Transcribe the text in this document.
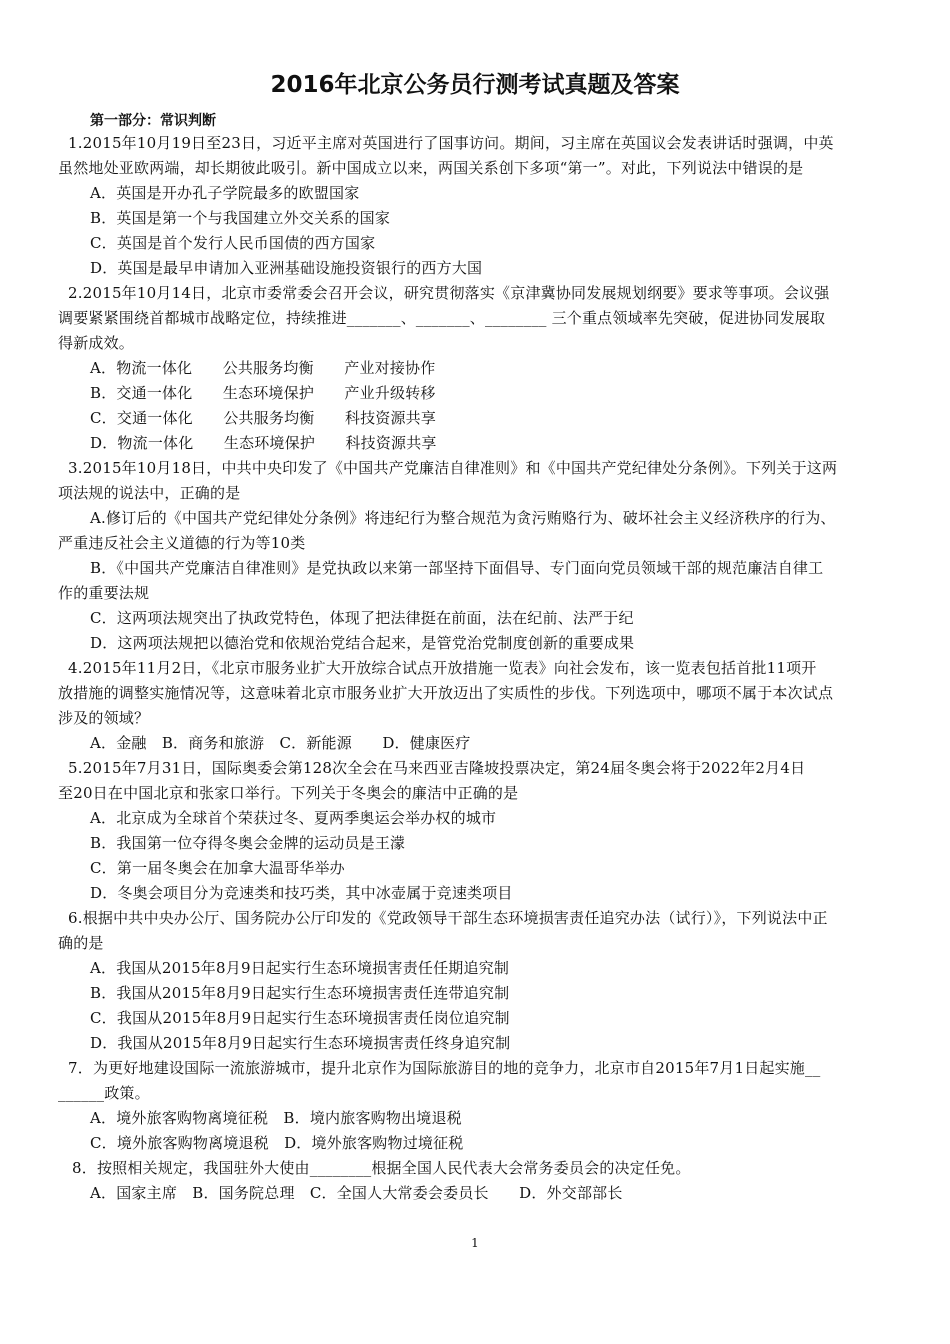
2016年北京公务员行测考试真题及答案
第一部分：常识判断
1.2015年10月19日至23日，习近平主席对英国进行了国事访问。期间，习主席在英国议会发表讲话时强调，中英
虽然地处亚欧两端，却长期彼此吸引。新中国成立以来，两国关系创下多项“第一”。对此，下列说法中错误的是
A．英国是开办孔子学院最多的欧盟国家
B．英国是第一个与我国建立外交关系的国家
C．英国是首个发行人民币国债的西方国家
D．英国是最早申请加入亚洲基础设施投资银行的西方大国
2.2015年10月14日，北京市委常委会召开会议，研究贯彻落实《京津冀协同发展规划纲要》要求等事项。会议强
调要紧紧围绕首都城市战略定位，持续推进_______、_______、________ 三个重点领域率先突破，促进协同发展取
得新成效。
A．物流一体化　　公共服务均衡　　产业对接协作
B．交通一体化　　生态环境保护　　产业升级转移
C．交通一体化　　公共服务均衡　　科技资源共享
D．物流一体化　　生态环境保护　　科技资源共享
3.2015年10月18日，中共中央印发了《中国共产党廉洁自律准则》和《中国共产党纪律处分条例》。下列关于这两
项法规的说法中，正确的是
A.修订后的《中国共产党纪律处分条例》将违纪行为整合规范为贪污贿赂行为、破坏社会主义经济秩序的行为、
严重违反社会主义道德的行为等10类
B．《中国共产党廉洁自律准则》是党执政以来第一部坚持下面倡导、专门面向党员领域干部的规范廉洁自律工
作的重要法规
C．这两项法规突出了执政党特色，体现了把法律挺在前面，法在纪前、法严于纪
D．这两项法规把以德治党和依规治党结合起来，是管党治党制度创新的重要成果
4.2015年11月2日，《北京市服务业扩大开放综合试点开放措施一览表》向社会发布，该一览表包括首批11项开
放措施的调整实施情况等，这意味着北京市服务业扩大开放迈出了实质性的步伐。下列选项中，哪项不属于本次试点
涉及的领域？
A．金融　B．商务和旅游　C．新能源　　D．健康医疗
5.2015年7月31日，国际奥委会第128次全会在马来西亚吉隆坡投票决定，第24届冬奥会将于2022年2月4日
至20日在中国北京和张家口举行。下列关于冬奥会的廉洁中正确的是
A．北京成为全球首个荣获过冬、夏两季奥运会举办权的城市
B．我国第一位夺得冬奥会金牌的运动员是王濛
C．第一届冬奥会在加拿大温哥华举办
D．冬奥会项目分为竞速类和技巧类，其中冰壶属于竞速类项目
6.根据中共中央办公厅、国务院办公厅印发的《党政领导干部生态环境损害责任追究办法（试行）》，下列说法中正
确的是
A．我国从2015年8月9日起实行生态环境损害责任任期追究制
B．我国从2015年8月9日起实行生态环境损害责任连带追究制
C．我国从2015年8月9日起实行生态环境损害责任岗位追究制
D．我国从2015年8月9日起实行生态环境损害责任终身追究制
7．为更好地建设国际一流旅游城市，提升北京作为国际旅游目的地的竞争力，北京市自2015年7月1日起实施__
______政策。
A．境外旅客购物离境征税　B．境内旅客购物出境退税
C．境外旅客购物离境退税　D．境外旅客购物过境征税
8．按照相关规定，我国驻外大使由________根据全国人民代表大会常务委员会的决定任免。
A．国家主席　B．国务院总理　C．全国人大常委会委员长　　D．外交部部长
1
